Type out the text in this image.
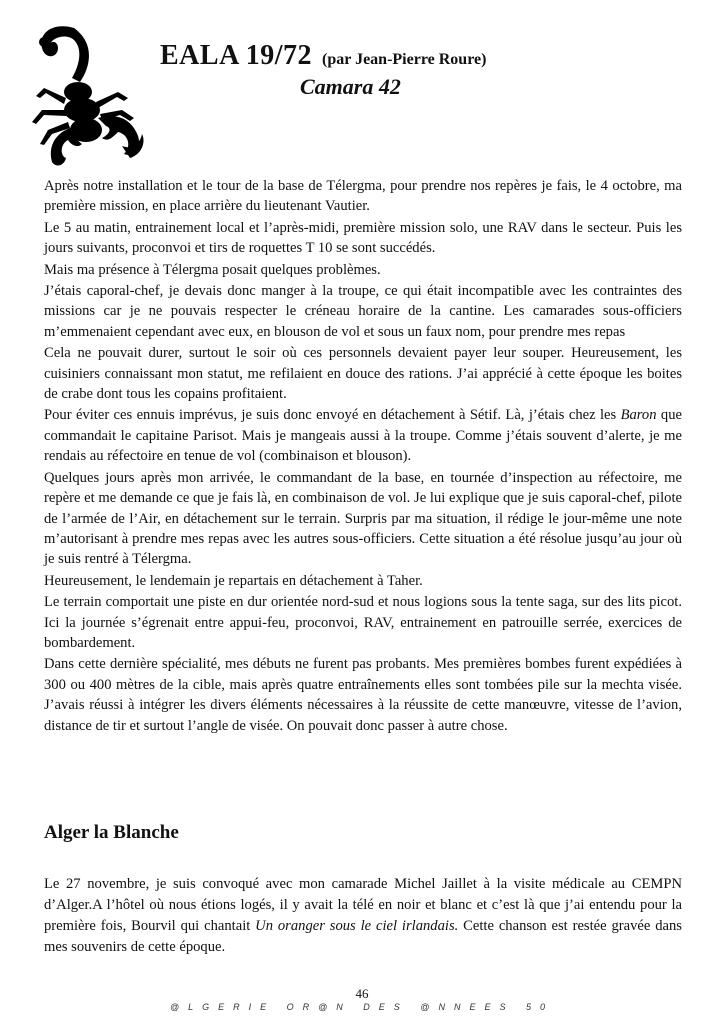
EALA 19/72 (par Jean-Pierre Roure)
Camara 42

Après notre installation et le tour de la base de Télergma, pour prendre nos repères je fais, le 4 octobre, ma première mission, en place arrière du lieutenant Vautier.

Le 5 au matin, entrainement local et l’après-midi, première mission solo, une RAV dans le secteur. Puis les jours suivants, proconvoi et tirs de roquettes T 10 se sont succédés.

Mais ma présence à Télergma posait quelques problèmes.

J’étais caporal-chef, je devais donc manger à la troupe, ce qui était incompatible avec les contraintes des missions car je ne pouvais respecter le créneau horaire de la cantine. Les camarades sous-officiers m’emmenaient cependant avec eux, en blouson de vol et sous un faux nom, pour prendre mes repas

Cela ne pouvait durer, surtout le soir où ces personnels devaient payer leur souper. Heureusement, les cuisiniers connaissant mon statut, me refilaient en douce des rations. J’ai apprécié à cette époque les boites de crabe dont tous les copains profitaient.

Pour éviter ces ennuis imprévus, je suis donc envoyé en détachement à Sétif. Là, j’étais chez les Baron que commandait le capitaine Parisot. Mais je mangeais aussi à la troupe. Comme j’étais souvent d’alerte, je me rendais au réfectoire en tenue de vol (combinaison et blouson).

Quelques jours après mon arrivée, le commandant de la base, en tournée d’inspection au réfectoire, me repère et me demande ce que je fais là, en combinaison de vol. Je lui explique que je suis caporal-chef, pilote de l’armée de l’Air, en détachement sur le terrain. Surpris par ma situation, il rédige le jour-même une note m’autorisant à prendre mes repas avec les autres sous-officiers. Cette situation a été résolue jusqu’au jour où je suis rentré à Télergma.

Heureusement, le lendemain je repartais en détachement à Taher.

Le terrain comportait une piste en dur orientée nord-sud et nous logions sous la tente saga, sur des lits picot. Ici la journée s’égrenait entre appui-feu, proconvoi, RAV, entrainement en patrouille serrée, exercices de bombardement.

Dans cette dernière spécialité, mes débuts ne furent pas probants. Mes premières bombes furent expédiées à 300 ou 400 mètres de la cible, mais après quatre entraînements elles sont tombées pile sur la mechta visée. J’avais réussi à intégrer les divers éléments nécessaires à la réussite de cette manœuvre, vitesse de l’avion, distance de tir et surtout l’angle de visée. On pouvait donc passer à autre chose.

Alger la Blanche

Le 27 novembre, je suis convoqué avec mon camarade Michel Jaillet à la visite médicale au CEMPN d’Alger.A l’hôtel où nous étions logés, il y avait la télé en noir et blanc et c’est là que j’ai entendu pour la première fois, Bourvil qui chantait Un oranger sous le ciel irlandais. Cette chanson est restée gravée dans mes souvenirs de cette époque.

46
@LGERIE OR@N DES @NNEES 50
